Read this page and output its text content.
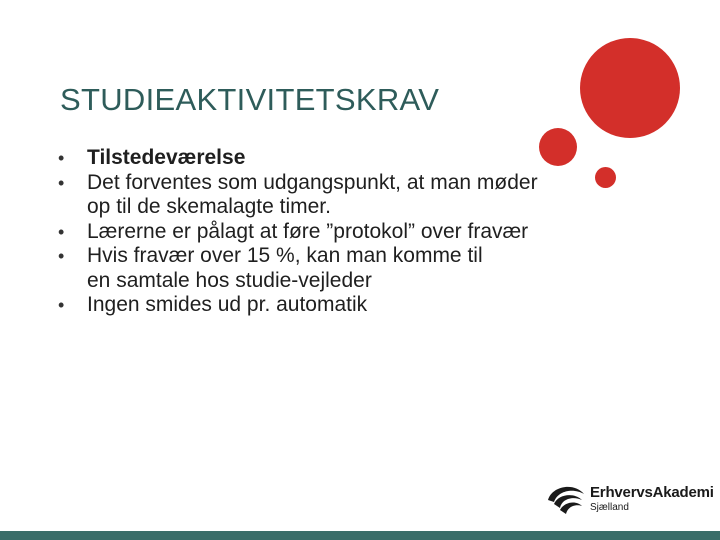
STUDIEAKTIVITETSKRAV
• Tilstedeværelse
• Det forventes som udgangspunkt, at man møder op til de skemalagte timer.
• Lærerne er pålagt at føre ”protokol” over fravær
• Hvis fravær over 15 %, kan man komme til en samtale hos studie-vejleder
• Ingen smides ud pr. automatik
ErhvervsAkademi
Sjælland
